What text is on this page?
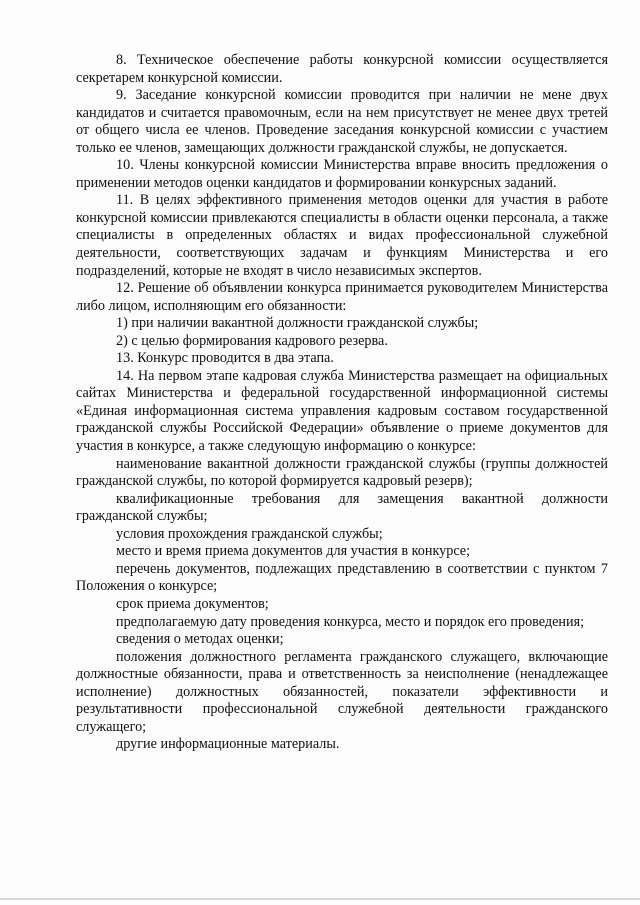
8. Техническое обеспечение работы конкурсной комиссии осуществляется секретарем конкурсной комиссии.

9. Заседание конкурсной комиссии проводится при наличии не мене двух кандидатов и считается правомочным, если на нем присутствует не менее двух третей от общего числа ее членов. Проведение заседания конкурсной комиссии с участием только ее членов, замещающих должности гражданской службы, не допускается.

10. Члены конкурсной комиссии Министерства вправе вносить предложения о применении методов оценки кандидатов и формировании конкурсных заданий.

11. В целях эффективного применения методов оценки для участия в работе конкурсной комиссии привлекаются специалисты в области оценки персонала, а также специалисты в определенных областях и видах профессиональной служебной деятельности, соответствующих задачам и функциям Министерства и его подразделений, которые не входят в число независимых экспертов.

12. Решение об объявлении конкурса принимается руководителем Министерства либо лицом, исполняющим его обязанности:

1) при наличии вакантной должности гражданской службы;

2) с целью формирования кадрового резерва.

13. Конкурс проводится в два этапа.

14. На первом этапе кадровая служба Министерства размещает на официальных сайтах Министерства и федеральной государственной информационной системы «Единая информационная система управления кадровым составом государственной гражданской службы Российской Федерации» объявление о приеме документов для участия в конкурсе, а также следующую информацию о конкурсе:

наименование вакантной должности гражданской службы (группы должностей гражданской службы, по которой формируется кадровый резерв);

квалификационные требования для замещения вакантной должности гражданской службы;

условия прохождения гражданской службы;

место и время приема документов для участия в конкурсе;

перечень документов, подлежащих представлению в соответствии с пунктом 7 Положения о конкурсе;

срок приема документов;

предполагаемую дату проведения конкурса, место и порядок его проведения;

сведения о методах оценки;

положения должностного регламента гражданского служащего, включающие должностные обязанности, права и ответственность за неисполнение (ненадлежащее исполнение) должностных обязанностей, показатели эффективности и результативности профессиональной служебной деятельности гражданского служащего;

другие информационные материалы.
